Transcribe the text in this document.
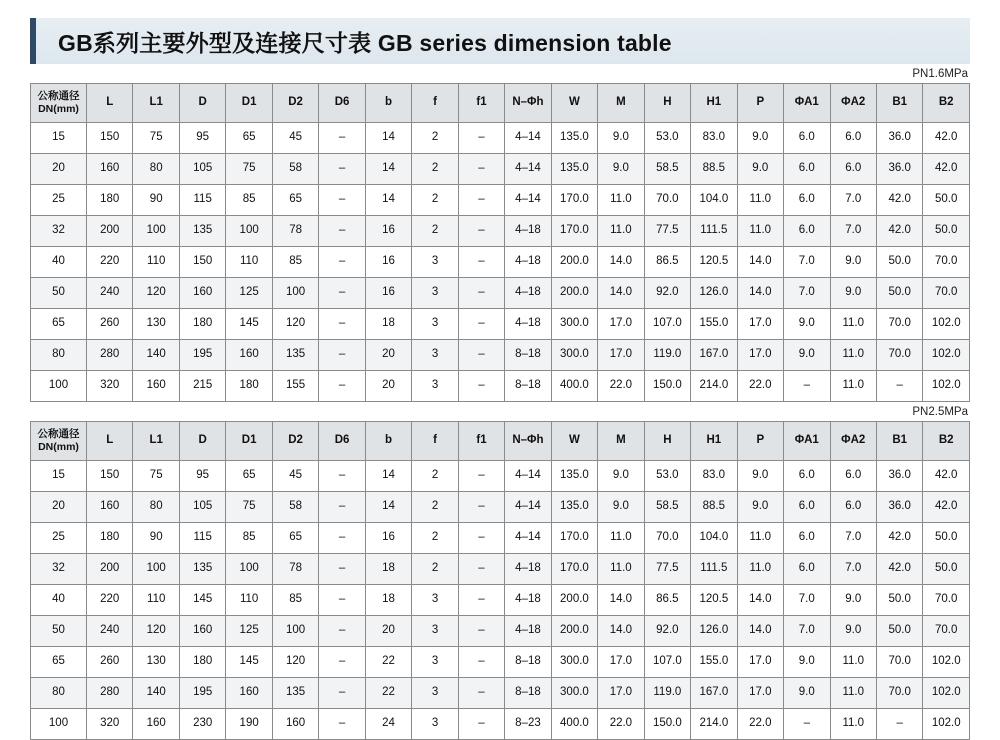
GB系列主要外型及连接尺寸表 GB series dimension table
PN1.6MPa
公称通径
DN(mm)	L	L1	D	D1	D2	D6	b	f	f1	N–Φh	W	M	H	H1	P	ΦA1	ΦA2	B1	B2
15	150	75	95	65	45	–	14	2	–	4–14	135.0	9.0	53.0	83.0	9.0	6.0	6.0	36.0	42.0
20	160	80	105	75	58	–	14	2	–	4–14	135.0	9.0	58.5	88.5	9.0	6.0	6.0	36.0	42.0
25	180	90	115	85	65	–	14	2	–	4–14	170.0	11.0	70.0	104.0	11.0	6.0	7.0	42.0	50.0
32	200	100	135	100	78	–	16	2	–	4–18	170.0	11.0	77.5	111.5	11.0	6.0	7.0	42.0	50.0
40	220	110	150	110	85	–	16	3	–	4–18	200.0	14.0	86.5	120.5	14.0	7.0	9.0	50.0	70.0
50	240	120	160	125	100	–	16	3	–	4–18	200.0	14.0	92.0	126.0	14.0	7.0	9.0	50.0	70.0
65	260	130	180	145	120	–	18	3	–	4–18	300.0	17.0	107.0	155.0	17.0	9.0	11.0	70.0	102.0
80	280	140	195	160	135	–	20	3	–	8–18	300.0	17.0	119.0	167.0	17.0	9.0	11.0	70.0	102.0
100	320	160	215	180	155	–	20	3	–	8–18	400.0	22.0	150.0	214.0	22.0	–	11.0	–	102.0
PN2.5MPa
公称通径
DN(mm)	L	L1	D	D1	D2	D6	b	f	f1	N–Φh	W	M	H	H1	P	ΦA1	ΦA2	B1	B2
15	150	75	95	65	45	–	14	2	–	4–14	135.0	9.0	53.0	83.0	9.0	6.0	6.0	36.0	42.0
20	160	80	105	75	58	–	14	2	–	4–14	135.0	9.0	58.5	88.5	9.0	6.0	6.0	36.0	42.0
25	180	90	115	85	65	–	16	2	–	4–14	170.0	11.0	70.0	104.0	11.0	6.0	7.0	42.0	50.0
32	200	100	135	100	78	–	18	2	–	4–18	170.0	11.0	77.5	111.5	11.0	6.0	7.0	42.0	50.0
40	220	110	145	110	85	–	18	3	–	4–18	200.0	14.0	86.5	120.5	14.0	7.0	9.0	50.0	70.0
50	240	120	160	125	100	–	20	3	–	4–18	200.0	14.0	92.0	126.0	14.0	7.0	9.0	50.0	70.0
65	260	130	180	145	120	–	22	3	–	8–18	300.0	17.0	107.0	155.0	17.0	9.0	11.0	70.0	102.0
80	280	140	195	160	135	–	22	3	–	8–18	300.0	17.0	119.0	167.0	17.0	9.0	11.0	70.0	102.0
100	320	160	230	190	160	–	24	3	–	8–23	400.0	22.0	150.0	214.0	22.0	–	11.0	–	102.0
